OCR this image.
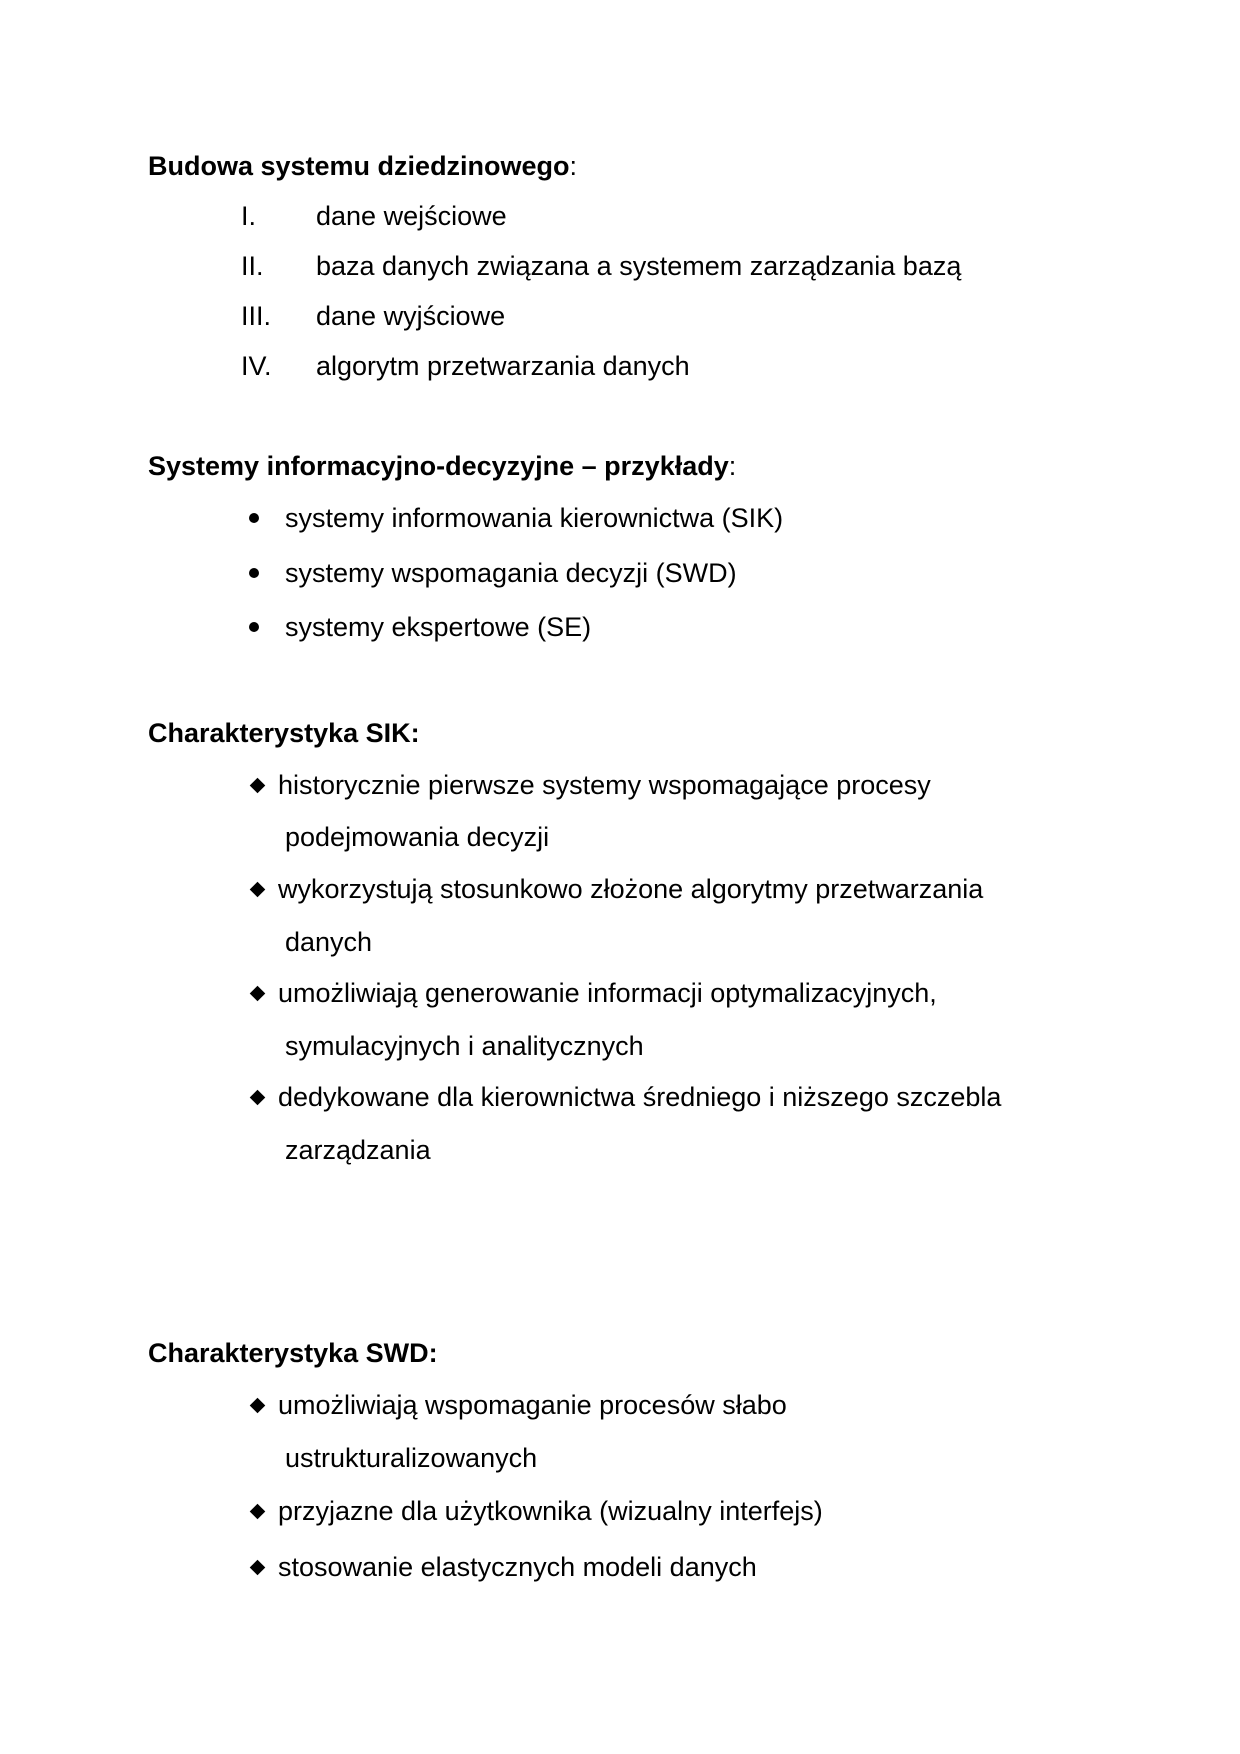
Budowa systemu dziedzinowego:
I. dane wejściowe
II. baza danych związana a systemem zarządzania bazą
III. dane wyjściowe
IV. algorytm przetwarzania danych
Systemy informacyjno-decyzyjne – przykłady:
systemy informowania kierownictwa (SIK)
systemy wspomagania decyzji (SWD)
systemy ekspertowe (SE)
Charakterystyka SIK:
historycznie pierwsze systemy wspomagające procesy
podejmowania decyzji
wykorzystują stosunkowo złożone algorytmy przetwarzania
danych
umożliwiają generowanie informacji optymalizacyjnych,
symulacyjnych i analitycznych
dedykowane dla kierownictwa średniego i niższego szczebla
zarządzania
Charakterystyka SWD:
umożliwiają wspomaganie procesów słabo
ustrukturalizowanych
przyjazne dla użytkownika (wizualny interfejs)
stosowanie elastycznych modeli danych
